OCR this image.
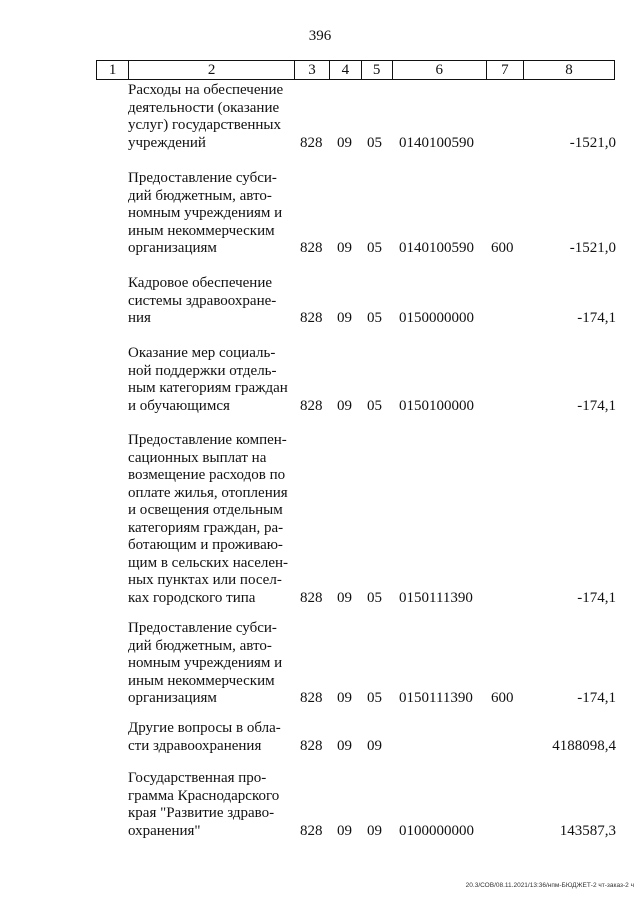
396
1	2	3	4	5	6	7	8
Расходы на обеспечение
деятельности (оказание
услуг) государственных
учреждений	828 09 05 0140100590	-1521,0
Предоставление субси-
дий бюджетным, авто-
номным учреждениям и
иным некоммерческим
организациям	828 09 05 0140100590 600	-1521,0
Кадровое обеспечение
системы здравоохране-
ния	828 09 05 0150000000	-174,1
Оказание мер социаль-
ной поддержки отдель-
ным категориям граждан
и обучающимся	828 09 05 0150100000	-174,1
Предоставление компен-
сационных выплат на
возмещение расходов по
оплате жилья, отопления
и освещения отдельным
категориям граждан, ра-
ботающим и проживаю-
щим в сельских населен-
ных пунктах или посел-
ках городского типа	828 09 05 0150111390	-174,1
Предоставление субси-
дий бюджетным, авто-
номным учреждениям и
иным некоммерческим
организациям	828 09 05 0150111390 600	-174,1
Другие вопросы в обла-
сти здравоохранения	828 09 09	4188098,4
Государственная про-
грамма Краснодарского
края "Развитие здраво-
охранения"	828 09 09 0100000000	143587,3
20.3/СОВ/08.11.2021/13:36/нпм-БЮДЖЕТ-2 чт-заказ-2 ч
